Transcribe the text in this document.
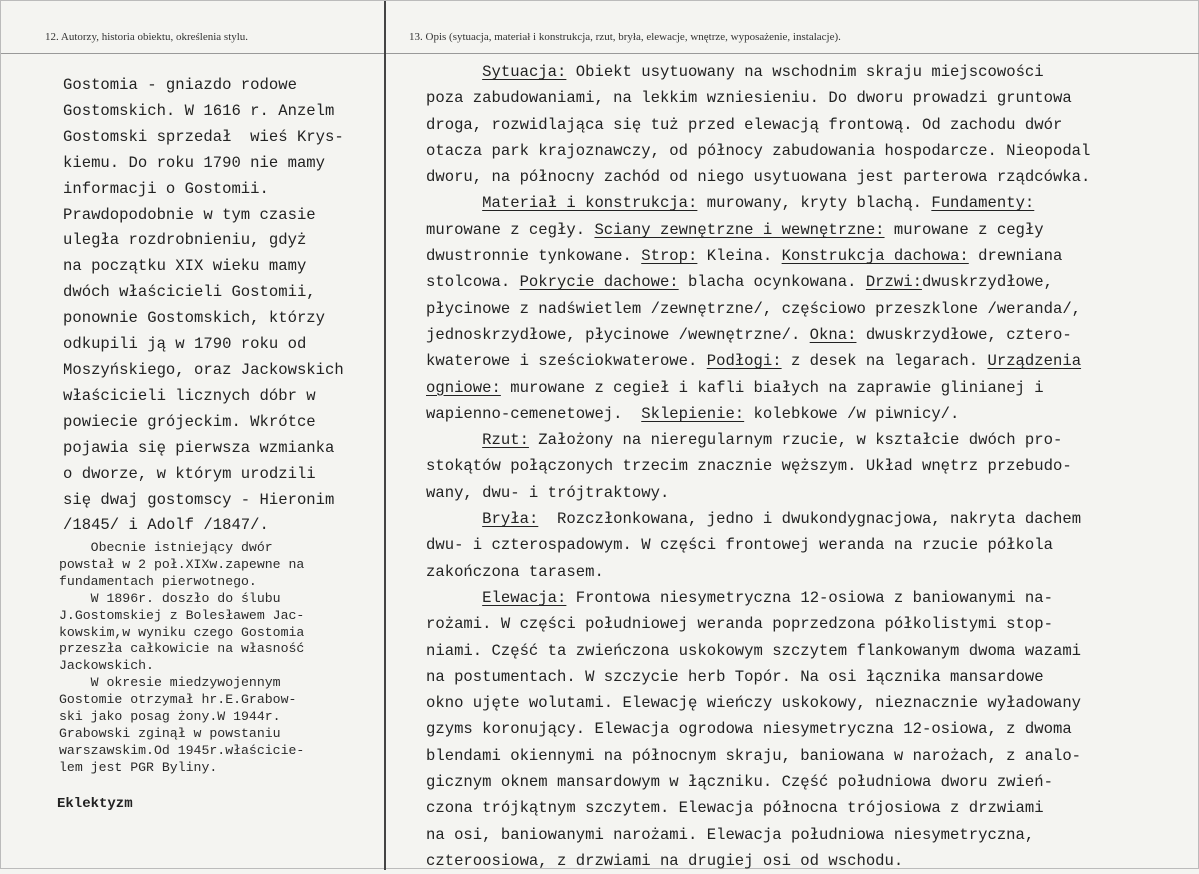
12. Autorzy, historia obiektu, określenia stylu.	13. Opis (sytuacja, materiał i konstrukcja, rzut, bryła, elewacje, wnętrze, wyposażenie, instalacje).
Gostomia - gniazdo rodowe
Gostomskich. W 1616 r. Anzelm
Gostomski sprzedał  wieś Krys-
kiemu. Do roku 1790 nie mamy
informacji o Gostomii.
Prawdopodobnie w tym czasie
uległa rozdrobnieniu, gdyż
na początku XIX wieku mamy
dwóch właścicieli Gostomii,
ponownie Gostomskich, którzy
odkupili ją w 1790 roku od
Moszyńskiego, oraz Jackowskich
właścicieli licznych dóbr w
powiecie grójeckim. Wkrótce
pojawia się pierwsza wzmianka
o dworze, w którym urodzili
się dwaj gostomscy - Hieronim
/1845/ i Adolf /1847/.
Obecnie istniejący dwór
powstał w 2 poł.XIXw.zapewne na
fundamentach pierwotnego.
W 1896r. doszło do ślubu
J.Gostomskiej z Bolesławem Jac-
kowskim,w wyniku czego Gostomia
przeszła całkowicie na własność
Jackowskich.
W okresie miedzywojennym
Gostomie otrzymał hr.E.Grabow-
ski jako posag żony.W 1944r.
Grabowski zginął w powstaniu
warszawskim.Od 1945r.właściciе-
lem jest PGR Byliny.
Eklektyzm
Sytuacja: Obiekt usytuowany na wschodnim skraju miejscowości
poza zabudowaniami, na lekkim wzniesieniu. Do dworu prowadzi gruntowa
droga, rozwidlająca się tuż przed elewacją frontową. Od zachodu dwór
otacza park krajoznawczy, od północy zabudowania hospodarcze. Nieopodal
dworu, na północny zachód od niego usytuowana jest parterowa rządcówka.
Materiał i konstrukcja: murowany, kryty blachą. Fundamenty:
murowane z cegły. Sciany zewnętrzne i wewnętrzne: murowane z cegły
dwustronnie tynkowane. Strop: Kleina. Konstrukcja dachowa: drewniana
stolcowa. Pokrycie dachowe: blacha ocynkowana. Drzwi:dwuskrzydłowe,
płycinowe z nadświetlem /zewnętrzne/, częściowo przeszklone /weranda/,
jednoskrzydłowe, płycinowe /wewnętrzne/. Okna: dwuskrzydłowe, cztero-
kwaterowe i sześciokwaterowe. Podłogi: z desek na legarach. Urządzenia
ogniowe: murowane z cegieł i kafli białych na zaprawie glinianej i
wapienno-cemenetowej.  Sklepienie: kolebkowe /w piwnicy/.
Rzut: Założony na nieregularnym rzucie, w kształcie dwóch pro-
stokątów połączonych trzecim znacznie węższym. Układ wnętrz przebudo-
wany, dwu- i trójtraktowy.
Bryła:  Rozczłonkowana, jedno i dwukondygnacjowa, nakryta dachem
dwu- i czterospadowym. W części frontowej weranda na rzucie półkola
zakończona tarasem.
Elewacja: Frontowa niesymetryczna 12-osiowa z baniowanymi na-
rożami. W części południowej weranda poprzedzona półkolistymi stop-
niami. Część ta zwieńczona uskokowym szczytem flankowanym dwoma wazami
na postumentach. W szczycie herb Topór. Na osi łącznika mansardowe
okno ujęte wolutami. Elewację wieńczy uskokowy, nieznacznie wyładowany
gzyms koronujący. Elewacja ogrodowa niesymetryczna 12-osiowa, z dwoma
blendami okiennymi na północnym skraju, baniowana w narożach, z analo-
gicznym oknem mansardowym w łączniku. Część południowa dworu zwień-
czona trójkątnym szczytem. Elewacja północna trójosiowa z drzwiami
na osi, baniowanymi narożami. Elewacja południowa niesymetryczna,
czteroosiowa, z drzwiami na drugiej osi od wschodu.
